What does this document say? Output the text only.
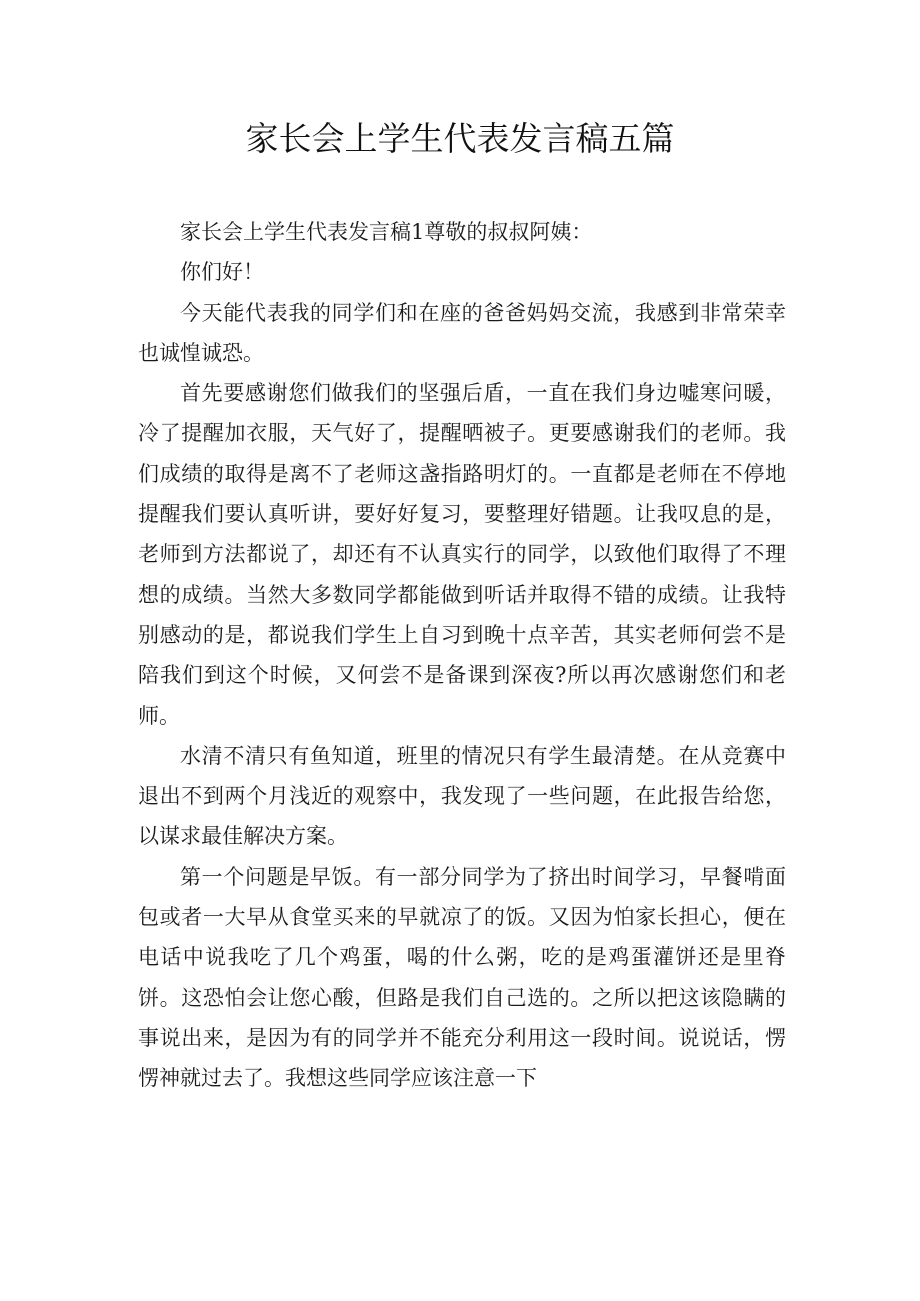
家长会上学生代表发言稿五篇

家长会上学生代表发言稿1尊敬的叔叔阿姨：

你们好！

今天能代表我的同学们和在座的爸爸妈妈交流，我感到非常荣幸也诚惶诚恐。

首先要感谢您们做我们的坚强后盾，一直在我们身边嘘寒问暖，冷了提醒加衣服，天气好了，提醒晒被子。更要感谢我们的老师。我们成绩的取得是离不了老师这盏指路明灯的。一直都是老师在不停地提醒我们要认真听讲，要好好复习，要整理好错题。让我叹息的是，老师到方法都说了，却还有不认真实行的同学，以致他们取得了不理想的成绩。当然大多数同学都能做到听话并取得不错的成绩。让我特别感动的是，都说我们学生上自习到晚十点辛苦，其实老师何尝不是陪我们到这个时候，又何尝不是备课到深夜?所以再次感谢您们和老师。

水清不清只有鱼知道，班里的情况只有学生最清楚。在从竞赛中退出不到两个月浅近的观察中，我发现了一些问题，在此报告给您，以谋求最佳解决方案。

第一个问题是早饭。有一部分同学为了挤出时间学习，早餐啃面包或者一大早从食堂买来的早就凉了的饭。又因为怕家长担心，便在电话中说我吃了几个鸡蛋，喝的什么粥，吃的是鸡蛋灌饼还是里脊饼。这恐怕会让您心酸，但路是我们自己选的。之所以把这该隐瞒的事说出来，是因为有的同学并不能充分利用这一段时间。说说话，愣愣神就过去了。我想这些同学应该注意一下
